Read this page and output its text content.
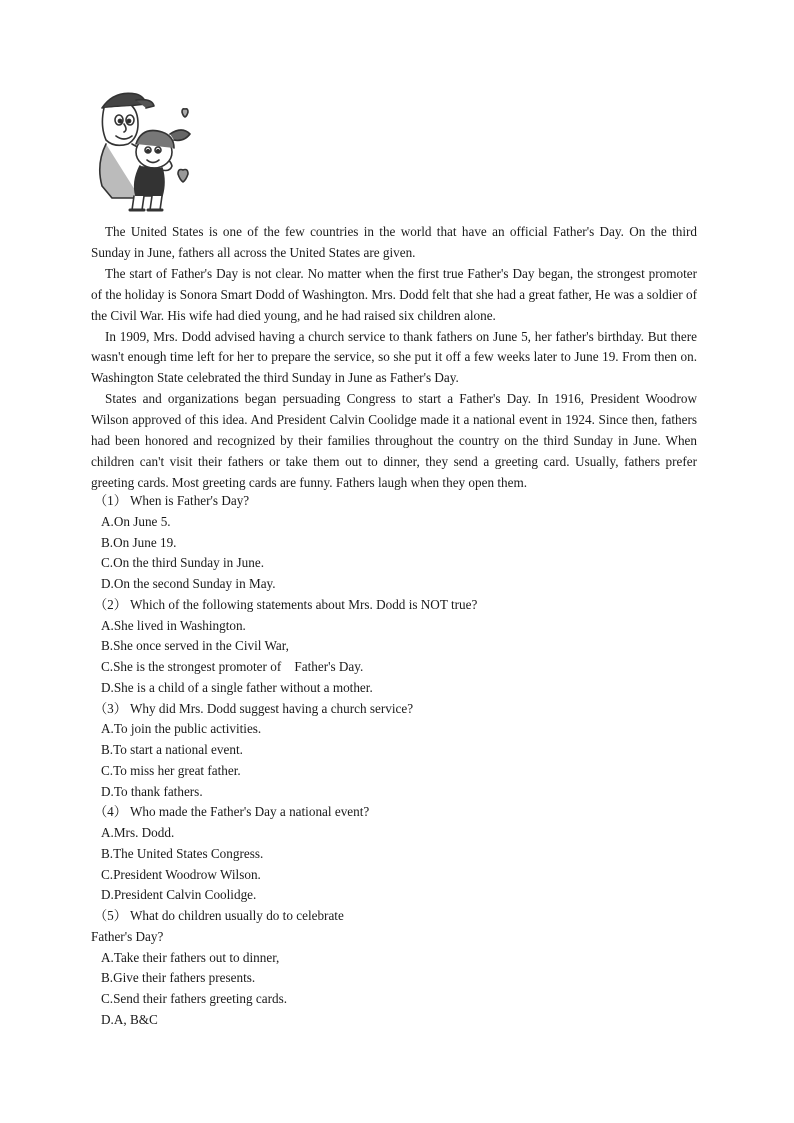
The United States is one of the few countries in the world that have an official Father's Day. On the third Sunday in June, fathers all across the United States are given.

The start of Father's Day is not clear. No matter when the first true Father's Day began, the strongest promoter of the holiday is Sonora Smart Dodd of Washington. Mrs. Dodd felt that she had a great father, He was a soldier of the Civil War. His wife had died young, and he had raised six children alone.

In 1909, Mrs. Dodd advised having a church service to thank fathers on June 5, her father's birthday. But there wasn't enough time left for her to prepare the service, so she put it off a few weeks later to June 19. From then on. Washington State celebrated the third Sunday in June as Father's Day.

States and organizations began persuading Congress to start a Father's Day. In 1916, President Woodrow Wilson approved of this idea. And President Calvin Coolidge made it a national event in 1924. Since then, fathers had been honored and recognized by their families throughout the country on the third Sunday in June. When children can't visit their fathers or take them out to dinner, they send a greeting card. Usually, fathers prefer greeting cards. Most greeting cards are funny. Fathers laugh when they open them.

（1） When is Father's Day?
A.On June 5.
B.On June 19.
C.On the third Sunday in June.
D.On the second Sunday in May.
（2） Which of the following statements about Mrs. Dodd is NOT true?
A.She lived in Washington.
B.She once served in the Civil War,
C.She is the strongest promoter of    Father's Day.
D.She is a child of a single father without a mother.
（3） Why did Mrs. Dodd suggest having a church service?
A.To join the public activities.
B.To start a national event.
C.To miss her great father.
D.To thank fathers.
（4） Who made the Father's Day a national event?
A.Mrs. Dodd.
B.The United States Congress.
C.President Woodrow Wilson.
D.President Calvin Coolidge.
（5） What do children usually do to celebrate
Father's Day?
A.Take their fathers out to dinner,
B.Give their fathers presents.
C.Send their fathers greeting cards.
D.A, B&C
